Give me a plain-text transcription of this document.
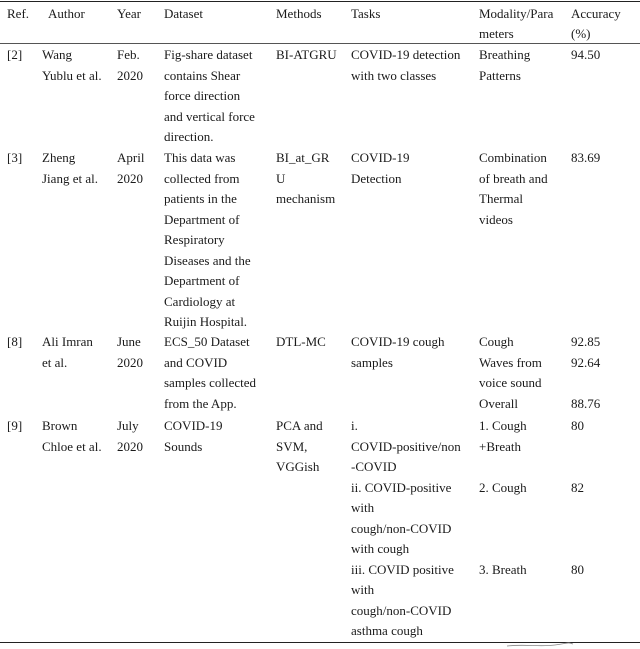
Ref. Author Year Dataset	Methods Tasks	Modality/Para
meters
Accuracy
(%)
[2] Wang
Yublu et al.
Feb.
2020
Fig-share dataset
contains Shear
force direction
and vertical force
direction.
BI-ATGRU COVID-19 detection
with two classes
Breathing
Patterns
94.50
[3] Zheng
Jiang et al.
April
2020
This data was
collected from
patients in the
Department of
Respiratory
Diseases and the
Department of
Cardiology at
Ruijin Hospital.
BI_at_GR
U
mechanism
COVID-19
Detection
Combination
of breath and
Thermal
videos
83.69
[8] Ali Imran
et al.
June
2020
ECS_50 Dataset
and COVID
samples collected
from the App.
DTL-MC COVID-19 cough
samples
Cough
Waves from
voice sound
Overall
92.85
92.64
88.76
[9] Brown
Chloe et al.
July
2020
COVID-19
Sounds
PCA and
SVM,
VGGish
i.
COVID-positive/non
-COVID
ii. COVID-positive
with
cough/non-COVID
with cough
iii. COVID positive
with
cough/non-COVID
asthma cough
1. Cough
+Breath
2. Cough
3. Breath
80
82
80
